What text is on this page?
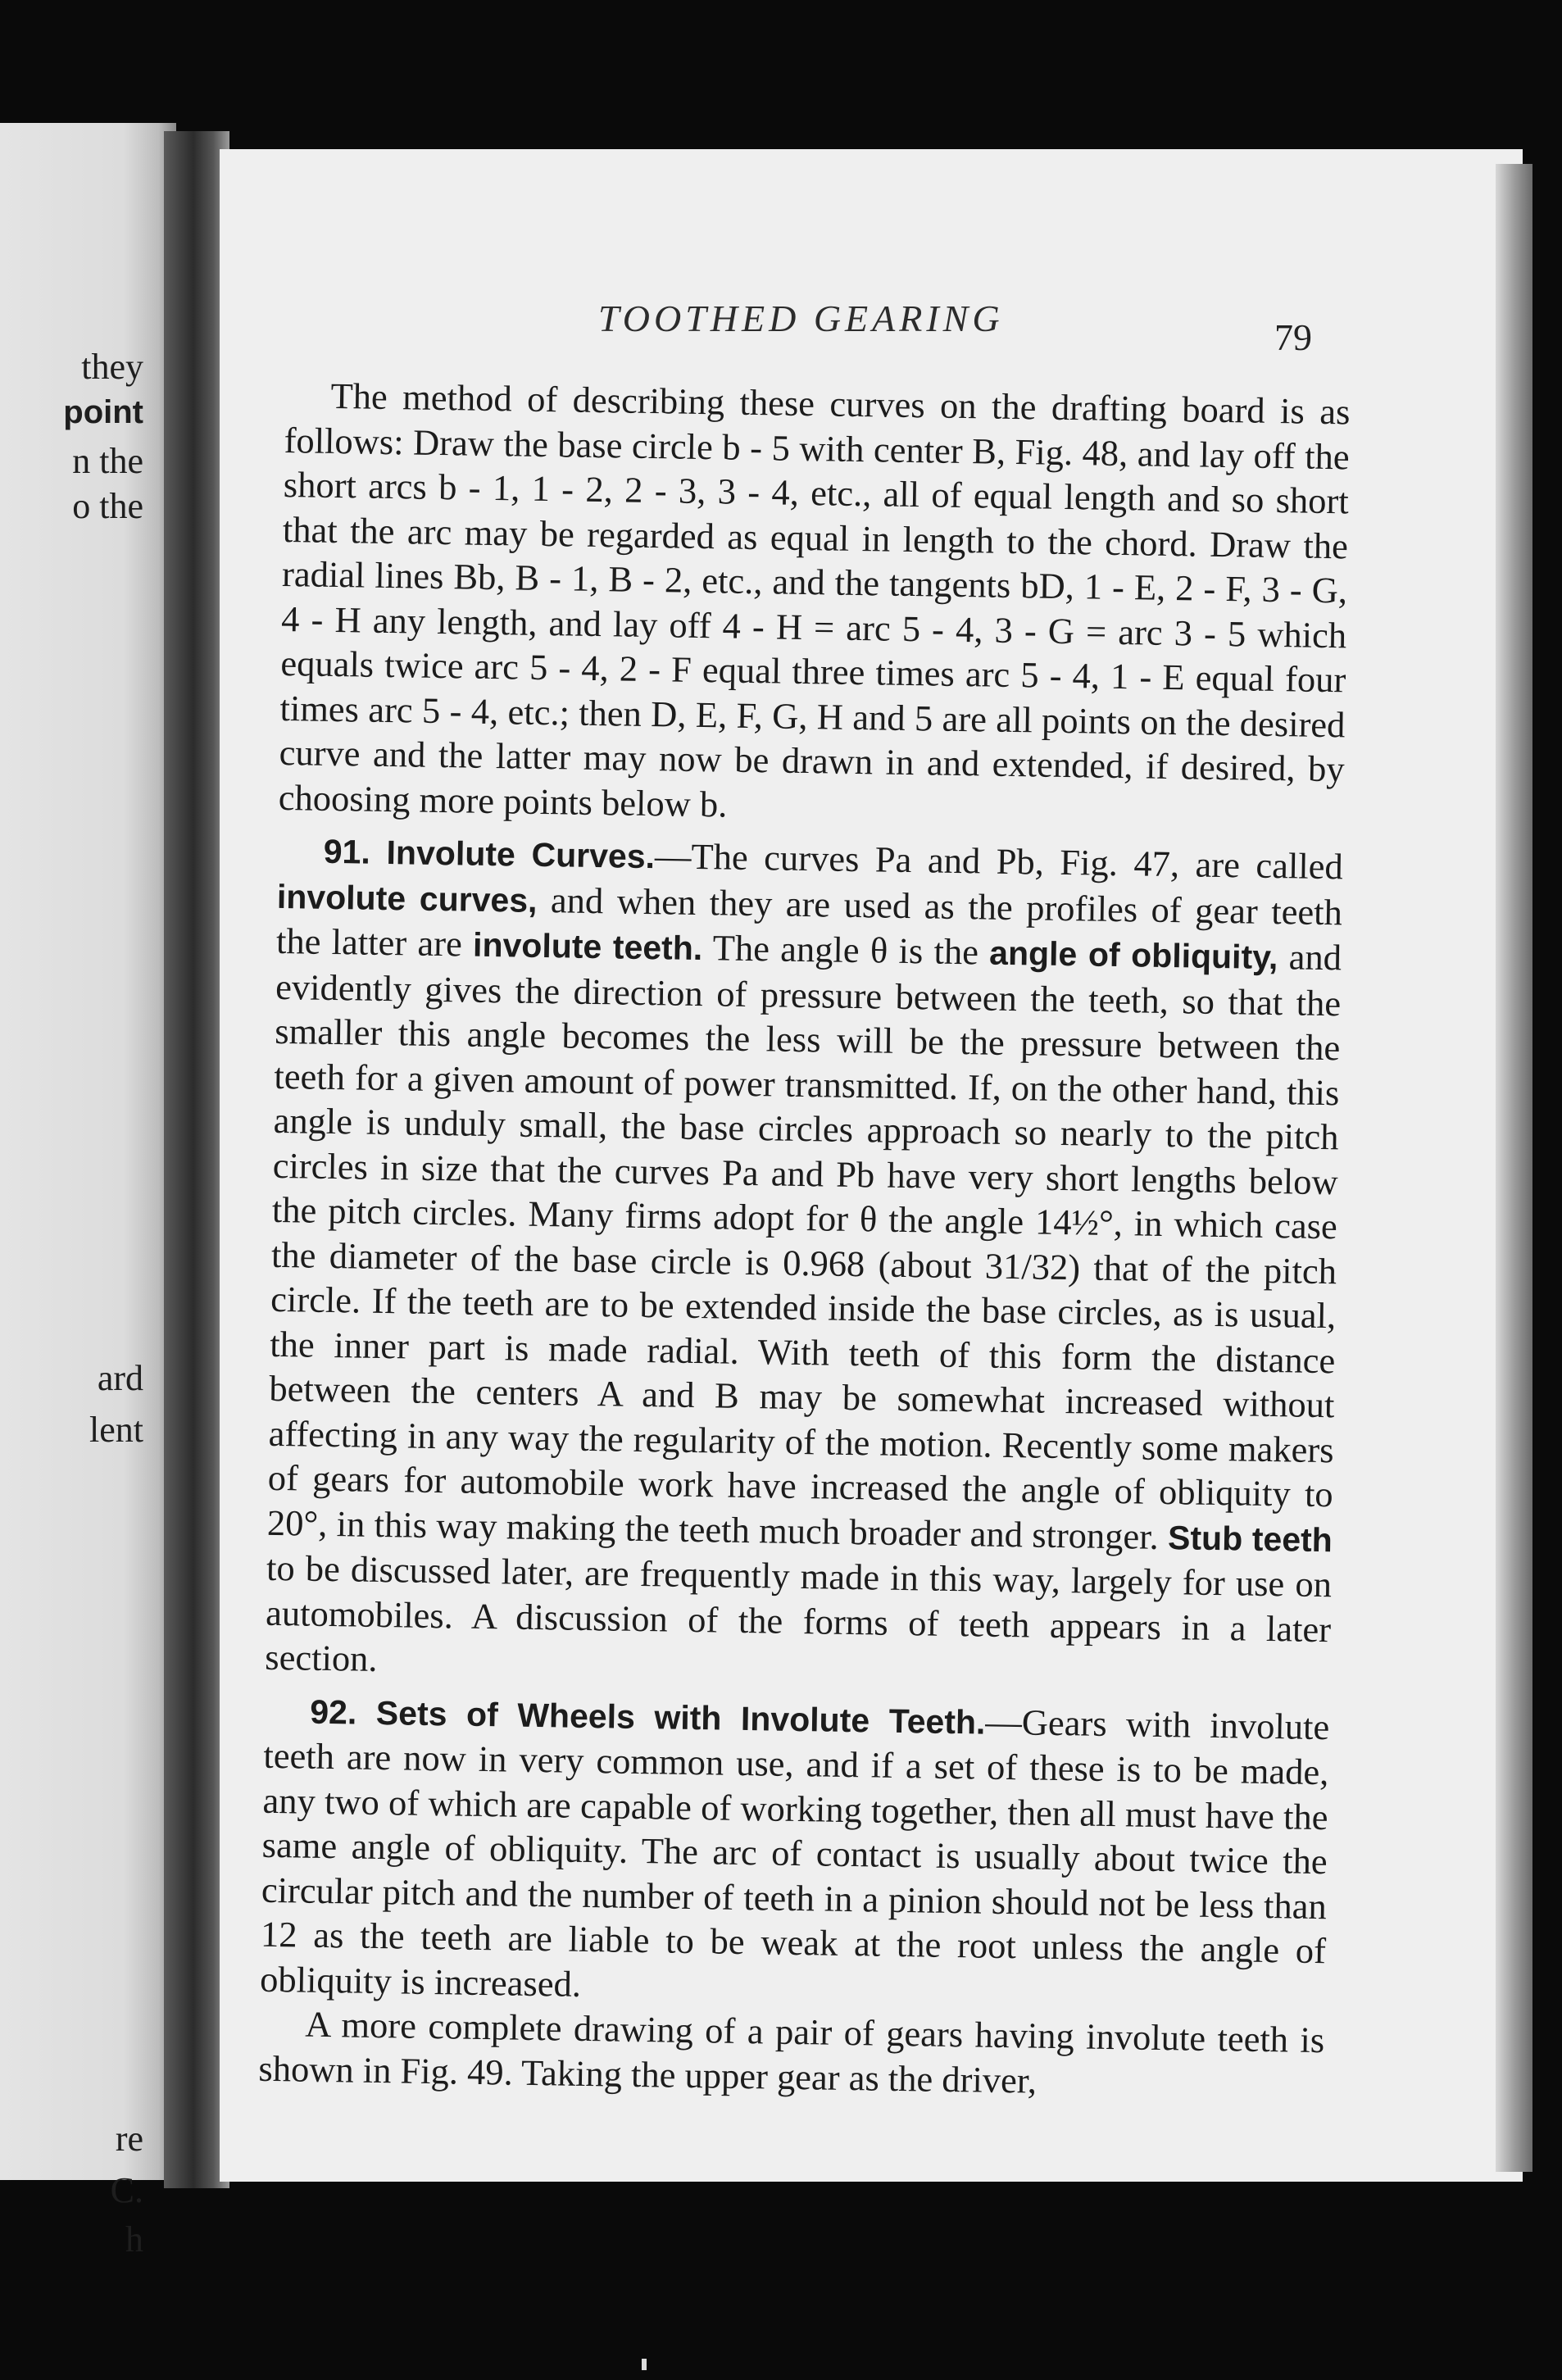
they
point
n the
o the
ard
lent
re
C.
h
TOOTHED GEARING	79

The method of describing these curves on the drafting board is as follows: Draw the base circle b - 5 with center B, Fig. 48, and lay off the short arcs b - 1, 1 - 2, 2 - 3, 3 - 4, etc., all of equal length and so short that the arc may be regarded as equal in length to the chord. Draw the radial lines Bb, B - 1, B - 2, etc., and the tangents bD, 1 - E, 2 - F, 3 - G, 4 - H any length, and lay off 4 - H = arc 5 - 4, 3 - G = arc 3 - 5 which equals twice arc 5 - 4, 2 - F equal three times arc 5 - 4, 1 - E equal four times arc 5 - 4, etc.; then D, E, F, G, H and 5 are all points on the desired curve and the latter may now be drawn in and extended, if desired, by choosing more points below b.

91. Involute Curves.—The curves Pa and Pb, Fig. 47, are called involute curves, and when they are used as the profiles of gear teeth the latter are involute teeth. The angle θ is the angle of obliquity, and evidently gives the direction of pressure between the teeth, so that the smaller this angle becomes the less will be the pressure between the teeth for a given amount of power transmitted. If, on the other hand, this angle is unduly small, the base circles approach so nearly to the pitch circles in size that the curves Pa and Pb have very short lengths below the pitch circles. Many firms adopt for θ the angle 14½°, in which case the diameter of the base circle is 0.968 (about 31/32) that of the pitch circle. If the teeth are to be extended inside the base circles, as is usual, the inner part is made radial. With teeth of this form the distance between the centers A and B may be somewhat increased without affecting in any way the regularity of the motion. Recently some makers of gears for automobile work have increased the angle of obliquity to 20°, in this way making the teeth much broader and stronger. Stub teeth to be discussed later, are frequently made in this way, largely for use on automobiles. A discussion of the forms of teeth appears in a later section.

92. Sets of Wheels with Involute Teeth.—Gears with involute teeth are now in very common use, and if a set of these is to be made, any two of which are capable of working together, then all must have the same angle of obliquity. The arc of contact is usually about twice the circular pitch and the number of teeth in a pinion should not be less than 12 as the teeth are liable to be weak at the root unless the angle of obliquity is increased.

A more complete drawing of a pair of gears having involute teeth is shown in Fig. 49. Taking the upper gear as the driver,
